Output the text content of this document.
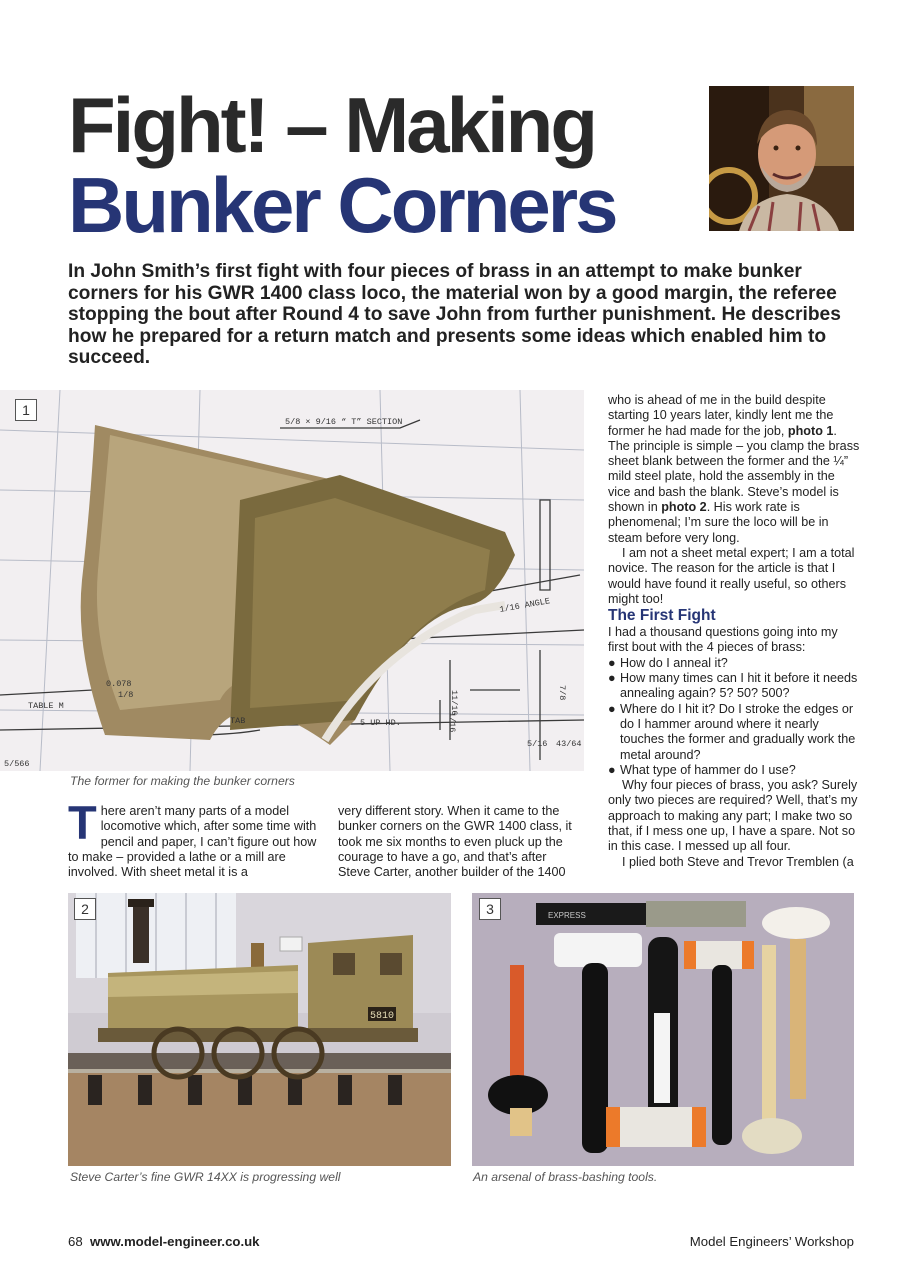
Fight! – Making
Bunker Corners

In John Smith’s first fight with four pieces of brass in an attempt to make bunker corners for his GWR 1400 class loco, the material won by a good margin, the referee stopping the bout after Round 4 to save John from further punishment. He describes how he prepared for a return match and presents some ideas which enabled him to succeed.

5/8 × 9/16 “ T” SECTION
1/16 ANGLE
0.078
1/8
TABLE M
TAB	5 UP HD.
11/16
1/16
7/8
5/16 43/64
5/566
1
The former for making the bunker corners

There aren’t many parts of a model locomotive which, after some time with pencil and paper, I can’t figure out how to make – provided a lathe or a mill are involved. With sheet metal it is a

very different story. When it came to the bunker corners on the GWR 1400 class, it took me six months to even pluck up the courage to have a go, and that’s after Steve Carter, another builder of the 1400

who is ahead of me in the build despite starting 10 years later, kindly lent me the former he had made for the job, photo 1. The principle is simple – you clamp the brass sheet blank between the former and the ¼” mild steel plate, hold the assembly in the vice and bash the blank. Steve’s model is shown in photo 2. His work rate is phenomenal; I’m sure the loco will be in steam before very long.

I am not a sheet metal expert; I am a total novice. The reason for the article is that I would have found it really useful, so others might too!

The First Fight

I had a thousand questions going into my first bout with the 4 pieces of brass:

● How do I anneal it?
● How many times can I hit it before it needs annealing again? 5? 50? 500?
● Where do I hit it? Do I stroke the edges or do I hammer around where it nearly touches the former and gradually work the metal around?
● What type of hammer do I use?

Why four pieces of brass, you ask? Surely only two pieces are required? Well, that’s my approach to making any part; I make two so that, if I mess one up, I have a spare. Not so in this case. I messed up all four.

I plied both Steve and Trevor Tremblen (a

5810
2
Steve Carter’s fine GWR 14XX is progressing well
EXPRESS
3
An arsenal of brass-bashing tools.
68 www.model-engineer.co.uk	Model Engineers’ Workshop
